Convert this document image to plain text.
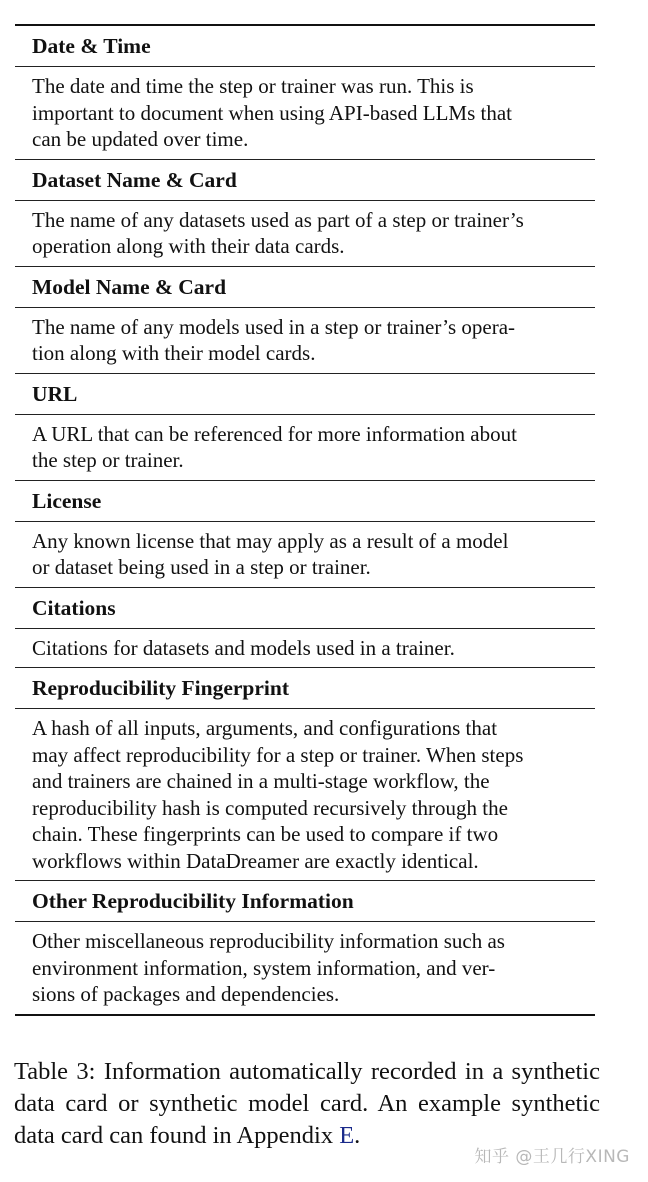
Date & Time
The date and time the step or trainer was run. This is
important to document when using API-based LLMs that
can be updated over time.
Dataset Name & Card
The name of any datasets used as part of a step or trainer’s
operation along with their data cards.
Model Name & Card
The name of any models used in a step or trainer’s opera-
tion along with their model cards.
URL
A URL that can be referenced for more information about
the step or trainer.
License
Any known license that may apply as a result of a model
or dataset being used in a step or trainer.
Citations
Citations for datasets and models used in a trainer.
Reproducibility Fingerprint
A hash of all inputs, arguments, and configurations that
may affect reproducibility for a step or trainer. When steps
and trainers are chained in a multi-stage workflow, the
reproducibility hash is computed recursively through the
chain. These fingerprints can be used to compare if two
workflows within DataDreamer are exactly identical.
Other Reproducibility Information
Other miscellaneous reproducibility information such as
environment information, system information, and ver-
sions of packages and dependencies.
Table 3: Information automatically recorded in a synthetic data card or synthetic model card. An example synthetic data card can found in Appendix E.
知乎 @王几行XING
